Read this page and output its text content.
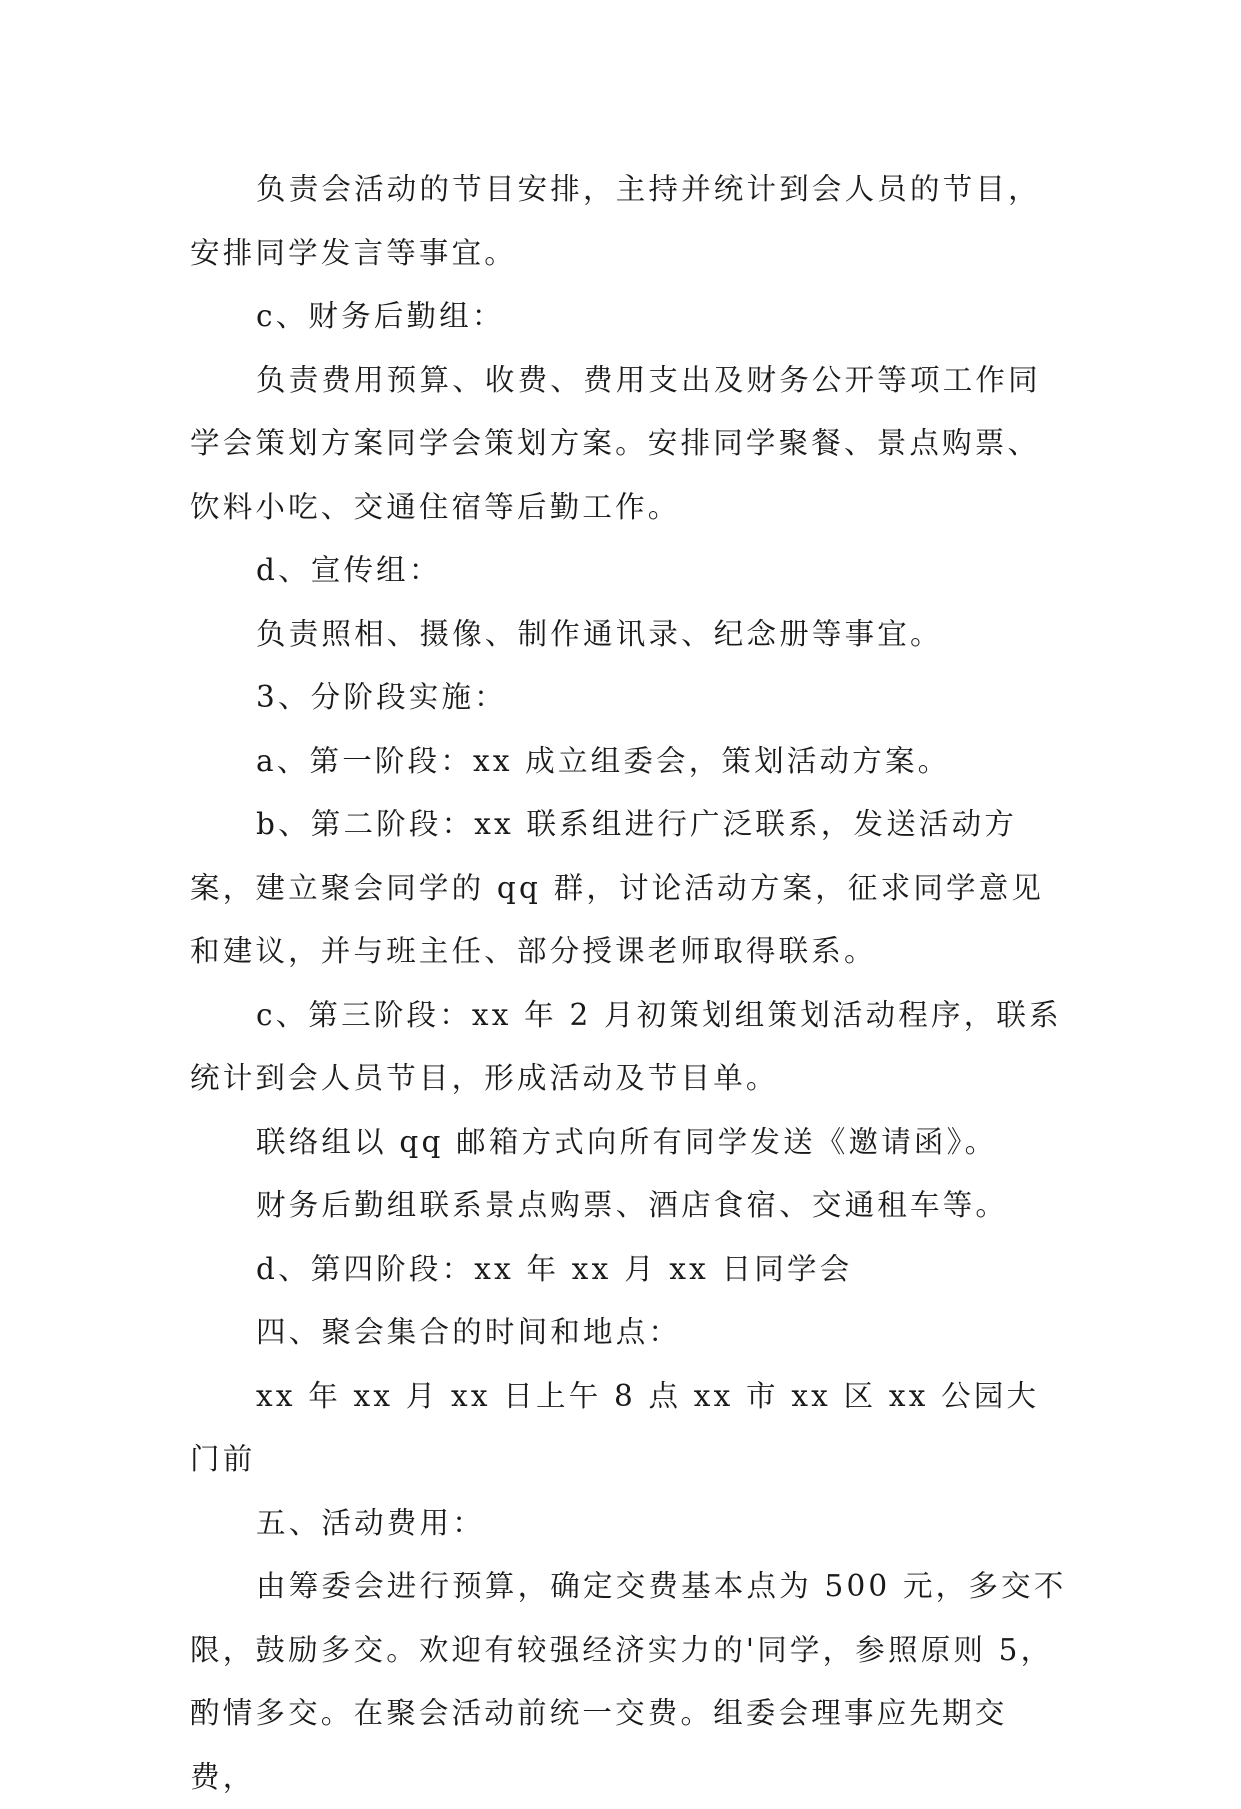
负责会活动的节目安排，主持并统计到会人员的节目，安排同学发言等事宜。

c、财务后勤组：

负责费用预算、收费、费用支出及财务公开等项工作同学会策划方案同学会策划方案。安排同学聚餐、景点购票、饮料小吃、交通住宿等后勤工作。

d、宣传组：

负责照相、摄像、制作通讯录、纪念册等事宜。

3、分阶段实施：

a、第一阶段：xx 成立组委会，策划活动方案。

b、第二阶段：xx 联系组进行广泛联系，发送活动方案，建立聚会同学的 qq 群，讨论活动方案，征求同学意见和建议，并与班主任、部分授课老师取得联系。

c、第三阶段：xx 年 2 月初策划组策划活动程序，联系统计到会人员节目，形成活动及节目单。

联络组以 qq 邮箱方式向所有同学发送《邀请函》。

财务后勤组联系景点购票、酒店食宿、交通租车等。

d、第四阶段：xx 年 xx 月 xx 日同学会

四、聚会集合的时间和地点：

xx 年 xx 月 xx 日上午 8 点 xx 市 xx 区 xx 公园大门前

五、活动费用：

由筹委会进行预算，确定交费基本点为 500 元，多交不限，鼓励多交。欢迎有较强经济实力的'同学，参照原则 5，酌情多交。在聚会活动前统一交费。组委会理事应先期交费，
